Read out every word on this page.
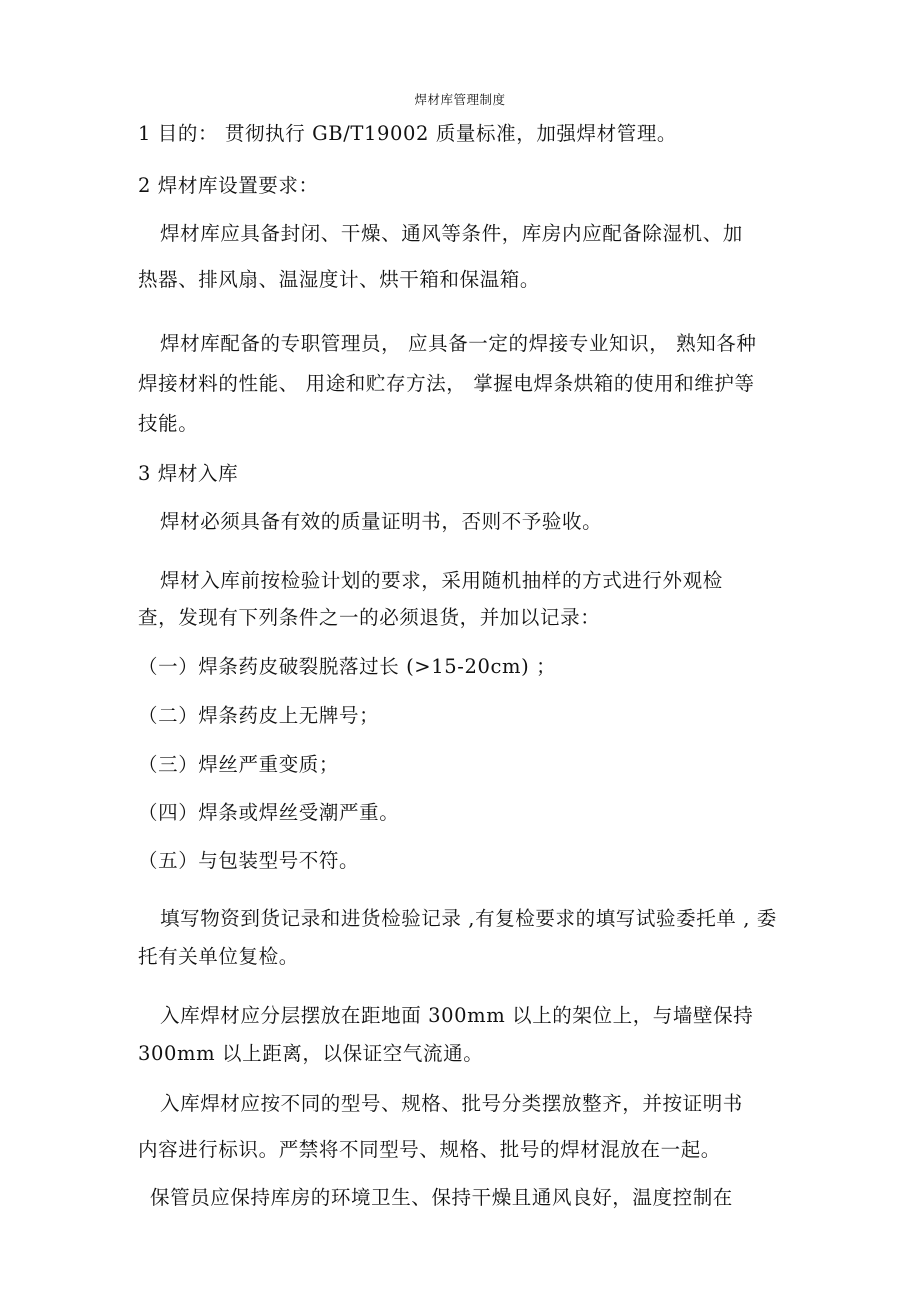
焊材库管理制度
1 目的： 贯彻执行 GB/T19002 质量标准，加强焊材管理。
2 焊材库设置要求：
焊材库应具备封闭、干燥、通风等条件，库房内应配备除湿机、加
热器、排风扇、温湿度计、烘干箱和保温箱。
焊材库配备的专职管理员， 应具备一定的焊接专业知识， 熟知各种
焊接材料的性能、 用途和贮存方法， 掌握电焊条烘箱的使用和维护等
技能。
3 焊材入库
焊材必须具备有效的质量证明书，否则不予验收。
焊材入库前按检验计划的要求，采用随机抽样的方式进行外观检
查，发现有下列条件之一的必须退货，并加以记录：
（一）焊条药皮破裂脱落过长 (>15-20cm) ；
（二）焊条药皮上无牌号；
（三）焊丝严重变质；
（四）焊条或焊丝受潮严重。
（五）与包装型号不符。
填写物资到货记录和进货检验记录 ,有复检要求的填写试验委托单 , 委
托有关单位复检。
入库焊材应分层摆放在距地面 300mm 以上的架位上，与墙壁保持
300mm 以上距离，以保证空气流通。
入库焊材应按不同的型号、规格、批号分类摆放整齐，并按证明书
内容进行标识。严禁将不同型号、规格、批号的焊材混放在一起。
保管员应保持库房的环境卫生、保持干燥且通风良好，温度控制在
